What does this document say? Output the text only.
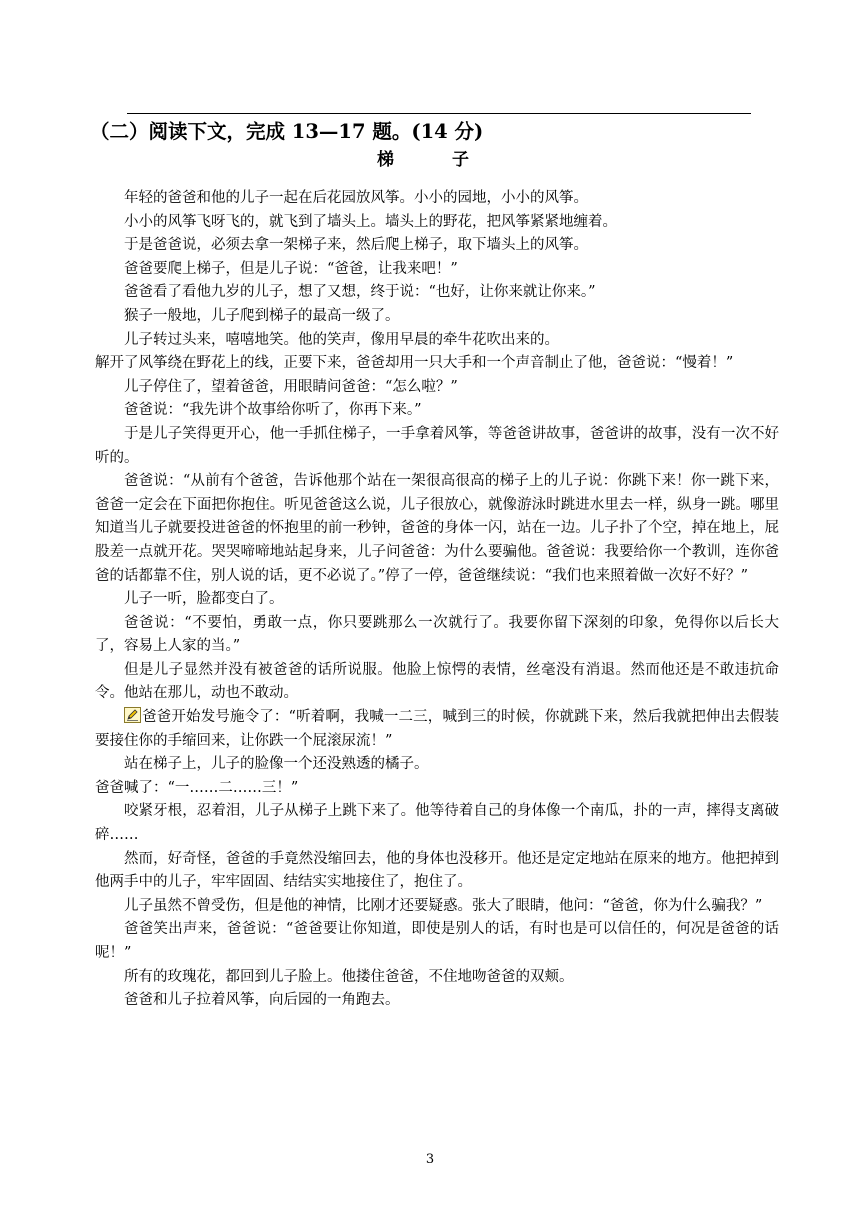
（二）阅读下文，完成 13—17 题。(14 分)
梯子

年轻的爸爸和他的儿子一起在后花园放风筝。小小的园地，小小的风筝。

小小的风筝飞呀飞的，就飞到了墙头上。墙头上的野花，把风筝紧紧地缠着。

于是爸爸说，必须去拿一架梯子来，然后爬上梯子，取下墙头上的风筝。

爸爸要爬上梯子，但是儿子说：“爸爸，让我来吧！”

爸爸看了看他九岁的儿子，想了又想，终于说：“也好，让你来就让你来。”

猴子一般地，儿子爬到梯子的最高一级了。

儿子转过头来，嘻嘻地笑。他的笑声，像用早晨的牵牛花吹出来的。

解开了风筝绕在野花上的线，正要下来，爸爸却用一只大手和一个声音制止了他，爸爸说：“慢着！”

儿子停住了，望着爸爸，用眼睛问爸爸：“怎么啦？”

爸爸说：“我先讲个故事给你听了，你再下来。”

于是儿子笑得更开心，他一手抓住梯子，一手拿着风筝，等爸爸讲故事，爸爸讲的故事，没有一次不好听的。

爸爸说：“从前有个爸爸，告诉他那个站在一架很高很高的梯子上的儿子说：你跳下来！你一跳下来，爸爸一定会在下面把你抱住。听见爸爸这么说，儿子很放心，就像游泳时跳进水里去一样，纵身一跳。哪里知道当儿子就要投进爸爸的怀抱里的前一秒钟，爸爸的身体一闪，站在一边。儿子扑了个空，掉在地上，屁股差一点就开花。哭哭啼啼地站起身来，儿子问爸爸：为什么要骗他。爸爸说：我要给你一个教训，连你爸爸的话都靠不住，别人说的话，更不必说了。”停了一停，爸爸继续说：“我们也来照着做一次好不好？”

儿子一听，脸都变白了。

爸爸说：“不要怕，勇敢一点，你只要跳那么一次就行了。我要你留下深刻的印象，免得你以后长大了，容易上人家的当。”

但是儿子显然并没有被爸爸的话所说服。他脸上惊愕的表情，丝毫没有消退。然而他还是不敢违抗命令。他站在那儿，动也不敢动。

爸爸开始发号施令了：“听着啊，我喊一二三，喊到三的时候，你就跳下来，然后我就把伸出去假装要接住你的手缩回来，让你跌一个屁滚尿流！”

站在梯子上，儿子的脸像一个还没熟透的橘子。

爸爸喊了：“一……二……三！”

咬紧牙根，忍着泪，儿子从梯子上跳下来了。他等待着自己的身体像一个南瓜，扑的一声，摔得支离破碎……

然而，好奇怪，爸爸的手竟然没缩回去，他的身体也没移开。他还是定定地站在原来的地方。他把掉到他两手中的儿子，牢牢固固、结结实实地接住了，抱住了。

儿子虽然不曾受伤，但是他的神情，比刚才还要疑惑。张大了眼睛，他问：“爸爸，你为什么骗我？”

爸爸笑出声来，爸爸说：“爸爸要让你知道，即使是别人的话，有时也是可以信任的，何况是爸爸的话呢！”

所有的玫瑰花，都回到儿子脸上。他搂住爸爸，不住地吻爸爸的双颊。

爸爸和儿子拉着风筝，向后园的一角跑去。

3
